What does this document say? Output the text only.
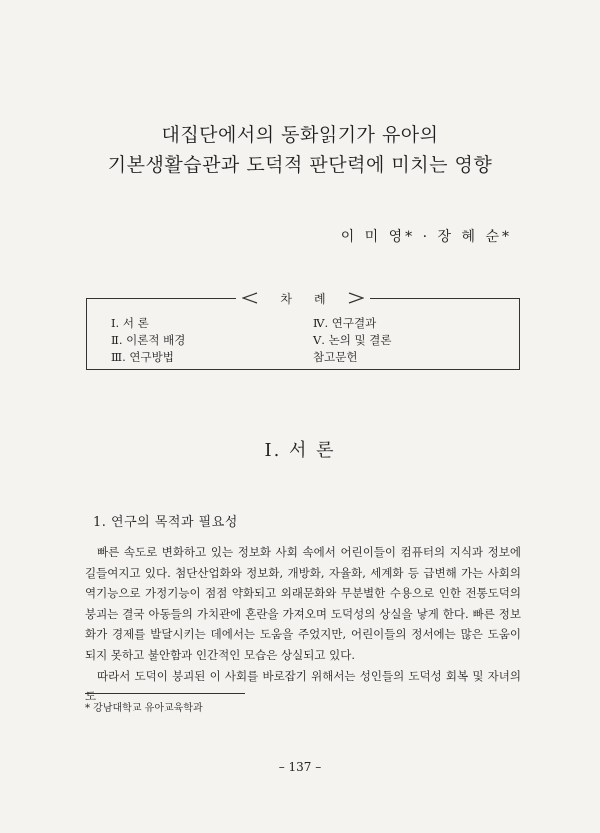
대집단에서의 동화읽기가 유아의
기본생활습관과 도덕적 판단력에 미치는 영향
이 미 영* · 장 혜 순*
차 례
Ⅰ. 서 론
Ⅱ. 이론적 배경
Ⅲ. 연구방법
Ⅳ. 연구결과
Ⅴ. 논의 및 결론
참고문헌
Ⅰ. 서 론
1. 연구의 목적과 필요성

빠른 속도로 변화하고 있는 정보화 사회 속에서 어린이들이 컴퓨터의 지식과 정보에 길들여지고 있다. 첨단산업화와 정보화, 개방화, 자율화, 세계화 등 급변해 가는 사회의 역기능으로 가정기능이 점점 약화되고 외래문화와 무분별한 수용으로 인한 전통도덕의 붕괴는 결국 아동들의 가치관에 혼란을 가져오며 도덕성의 상실을 낳게 한다. 빠른 정보화가 경제를 발달시키는 데에서는 도움을 주었지만, 어린이들의 정서에는 많은 도움이 되지 못하고 불안함과 인간적인 모습은 상실되고 있다.

따라서 도덕이 붕괴된 이 사회를 바로잡기 위해서는 성인들의 도덕성 회복 및 자녀의 도

* 강남대학교 유아교육학과
– 137 –
